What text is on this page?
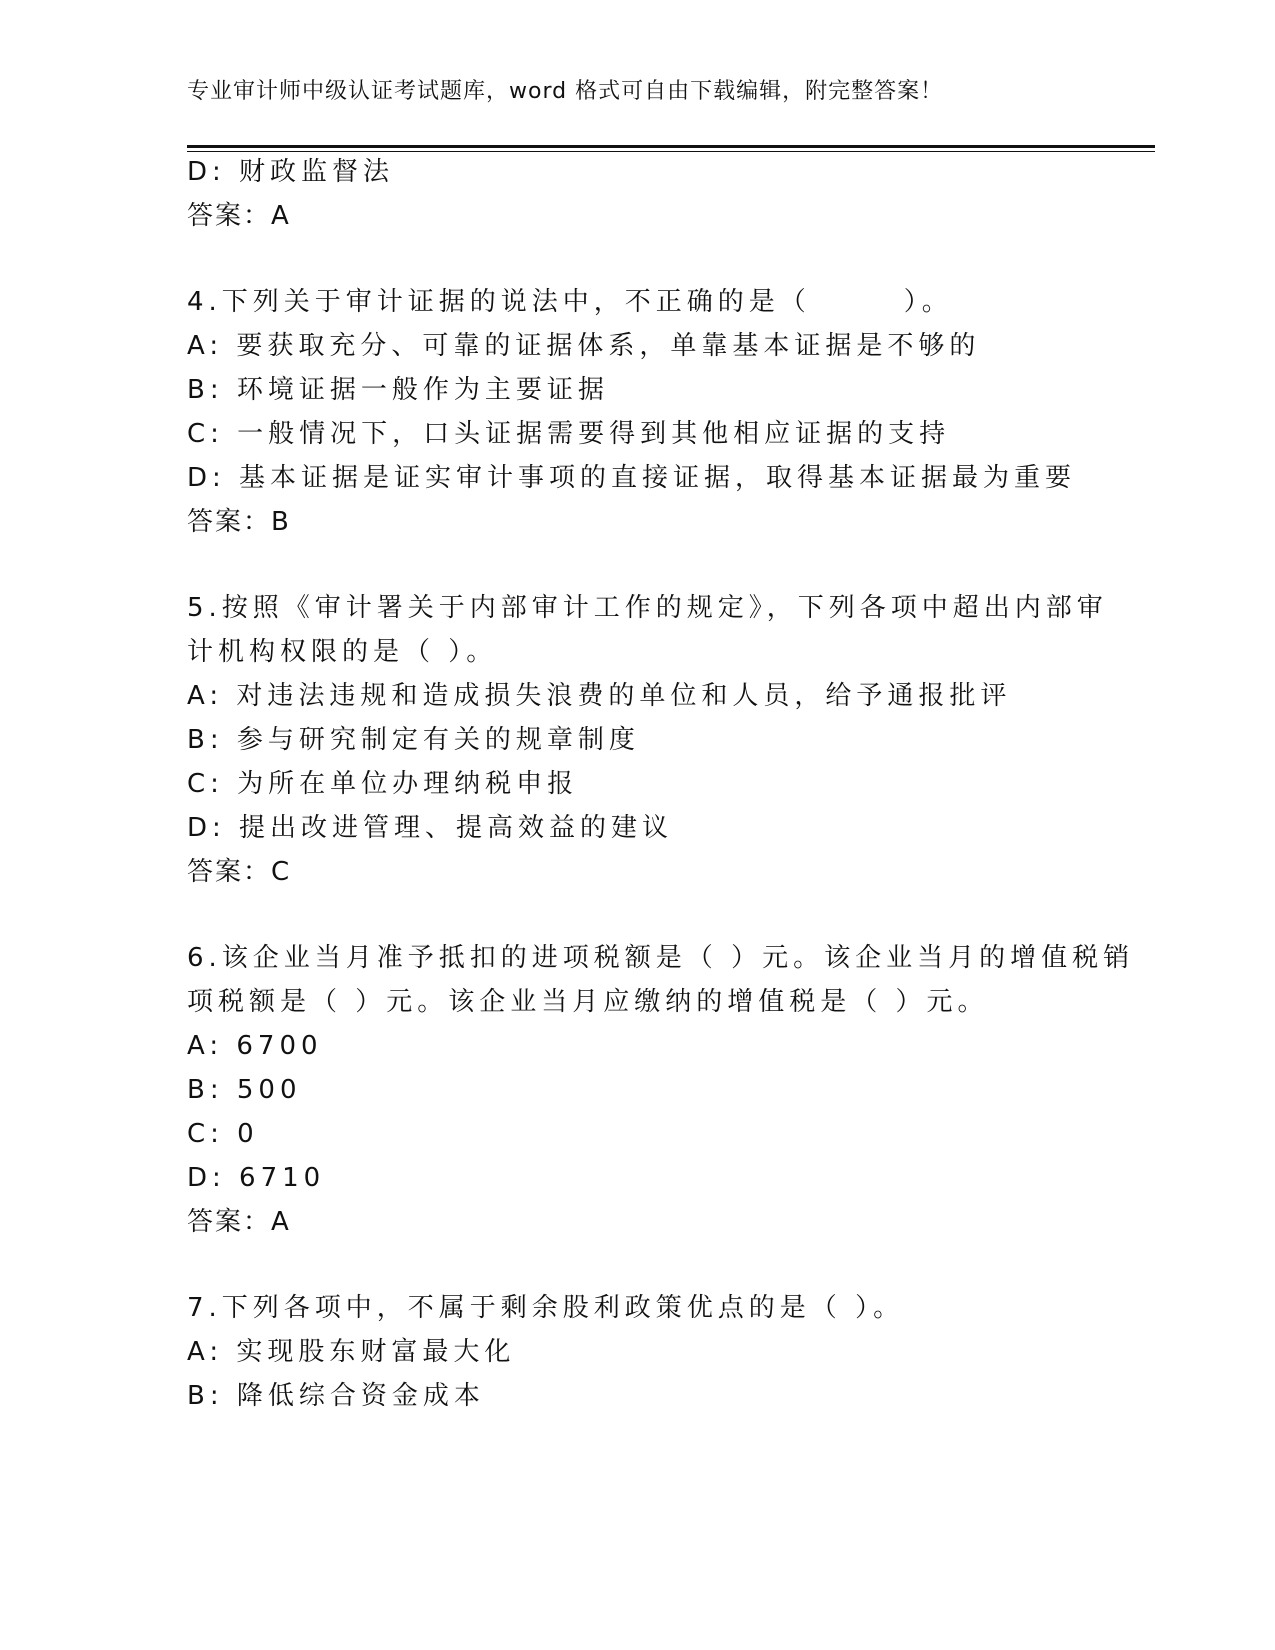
专业审计师中级认证考试题库，word 格式可自由下载编辑，附完整答案！
D: 财政监督法
答案：A
4.下列关于审计证据的说法中，不正确的是（　　　）。
A: 要获取充分、可靠的证据体系，单靠基本证据是不够的
B: 环境证据一般作为主要证据
C: 一般情况下，口头证据需要得到其他相应证据的支持
D: 基本证据是证实审计事项的直接证据，取得基本证据最为重要
答案：B
5.按照《审计署关于内部审计工作的规定》，下列各项中超出内部审
计机构权限的是（ ）。
A: 对违法违规和造成损失浪费的单位和人员，给予通报批评
B: 参与研究制定有关的规章制度
C: 为所在单位办理纳税申报
D: 提出改进管理、提高效益的建议
答案：C
6.该企业当月准予抵扣的进项税额是（ ）元。该企业当月的增值税销
项税额是（ ）元。该企业当月应缴纳的增值税是（ ）元。
A: 6700
B: 500
C: 0
D: 6710
答案：A
7.下列各项中，不属于剩余股利政策优点的是（ ）。
A: 实现股东财富最大化
B: 降低综合资金成本
